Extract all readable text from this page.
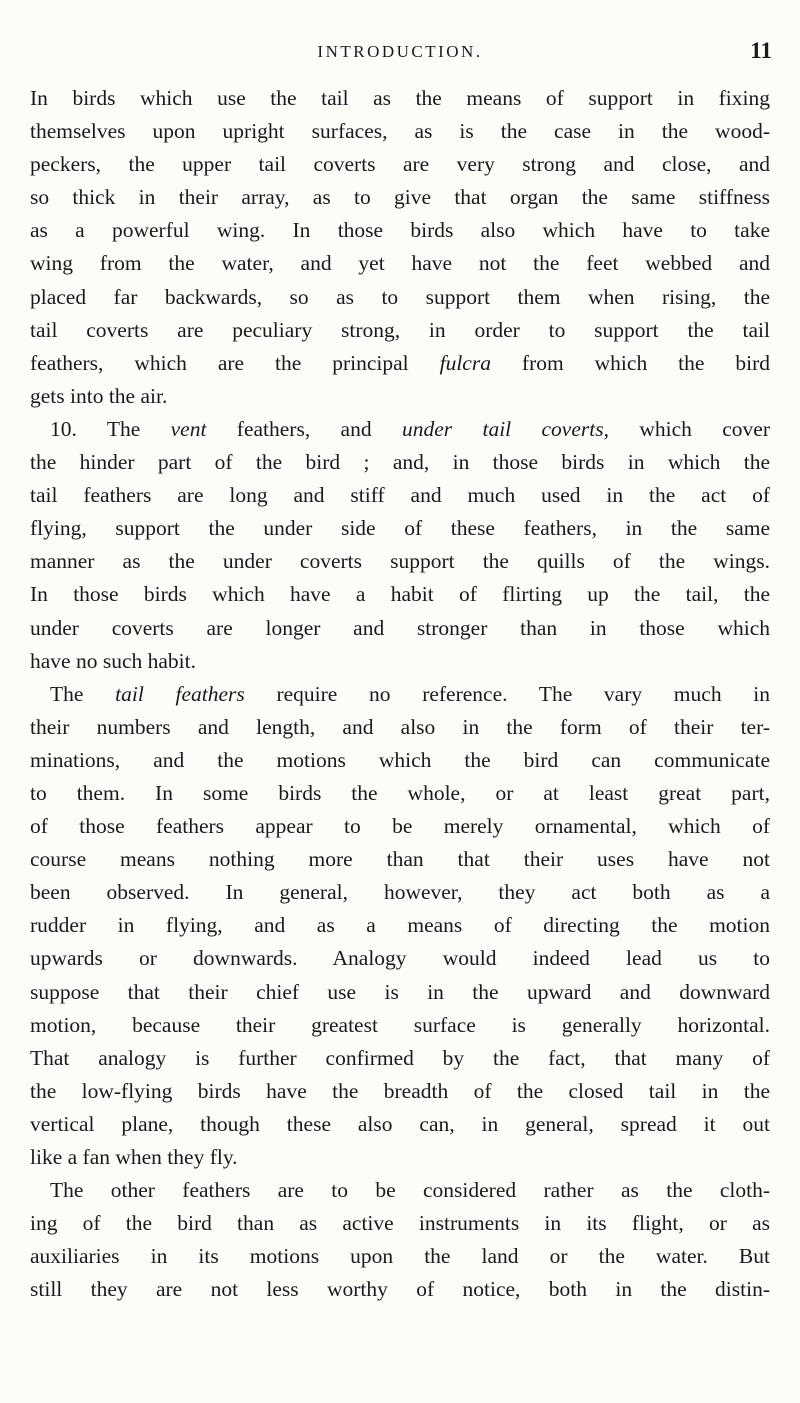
INTRODUCTION.	11
In birds which use the tail as the means of support in fixing
themselves upon upright surfaces, as is the case in the wood-
peckers, the upper tail coverts are very strong and close, and
so thick in their array, as to give that organ the same stiffness
as a powerful wing. In those birds also which have to take
wing from the water, and yet have not the feet webbed and
placed far backwards, so as to support them when rising, the
tail coverts are peculiary strong, in order to support the tail
feathers, which are the principal fulcra from which the bird
gets into the air.
10. The vent feathers, and under tail coverts, which cover
the hinder part of the bird ; and, in those birds in which the
tail feathers are long and stiff and much used in the act of
flying, support the under side of these feathers, in the same
manner as the under coverts support the quills of the wings.
In those birds which have a habit of flirting up the tail, the
under coverts are longer and stronger than in those which
have no such habit.
The tail feathers require no reference. The vary much in
their numbers and length, and also in the form of their ter-
minations, and the motions which the bird can communicate
to them. In some birds the whole, or at least great part,
of those feathers appear to be merely ornamental, which of
course means nothing more than that their uses have not
been observed. In general, however, they act both as a
rudder in flying, and as a means of directing the motion
upwards or downwards. Analogy would indeed lead us to
suppose that their chief use is in the upward and downward
motion, because their greatest surface is generally horizontal.
That analogy is further confirmed by the fact, that many of
the low-flying birds have the breadth of the closed tail in the
vertical plane, though these also can, in general, spread it out
like a fan when they fly.
The other feathers are to be considered rather as the cloth-
ing of the bird than as active instruments in its flight, or as
auxiliaries in its motions upon the land or the water. But
still they are not less worthy of notice, both in the distin-
